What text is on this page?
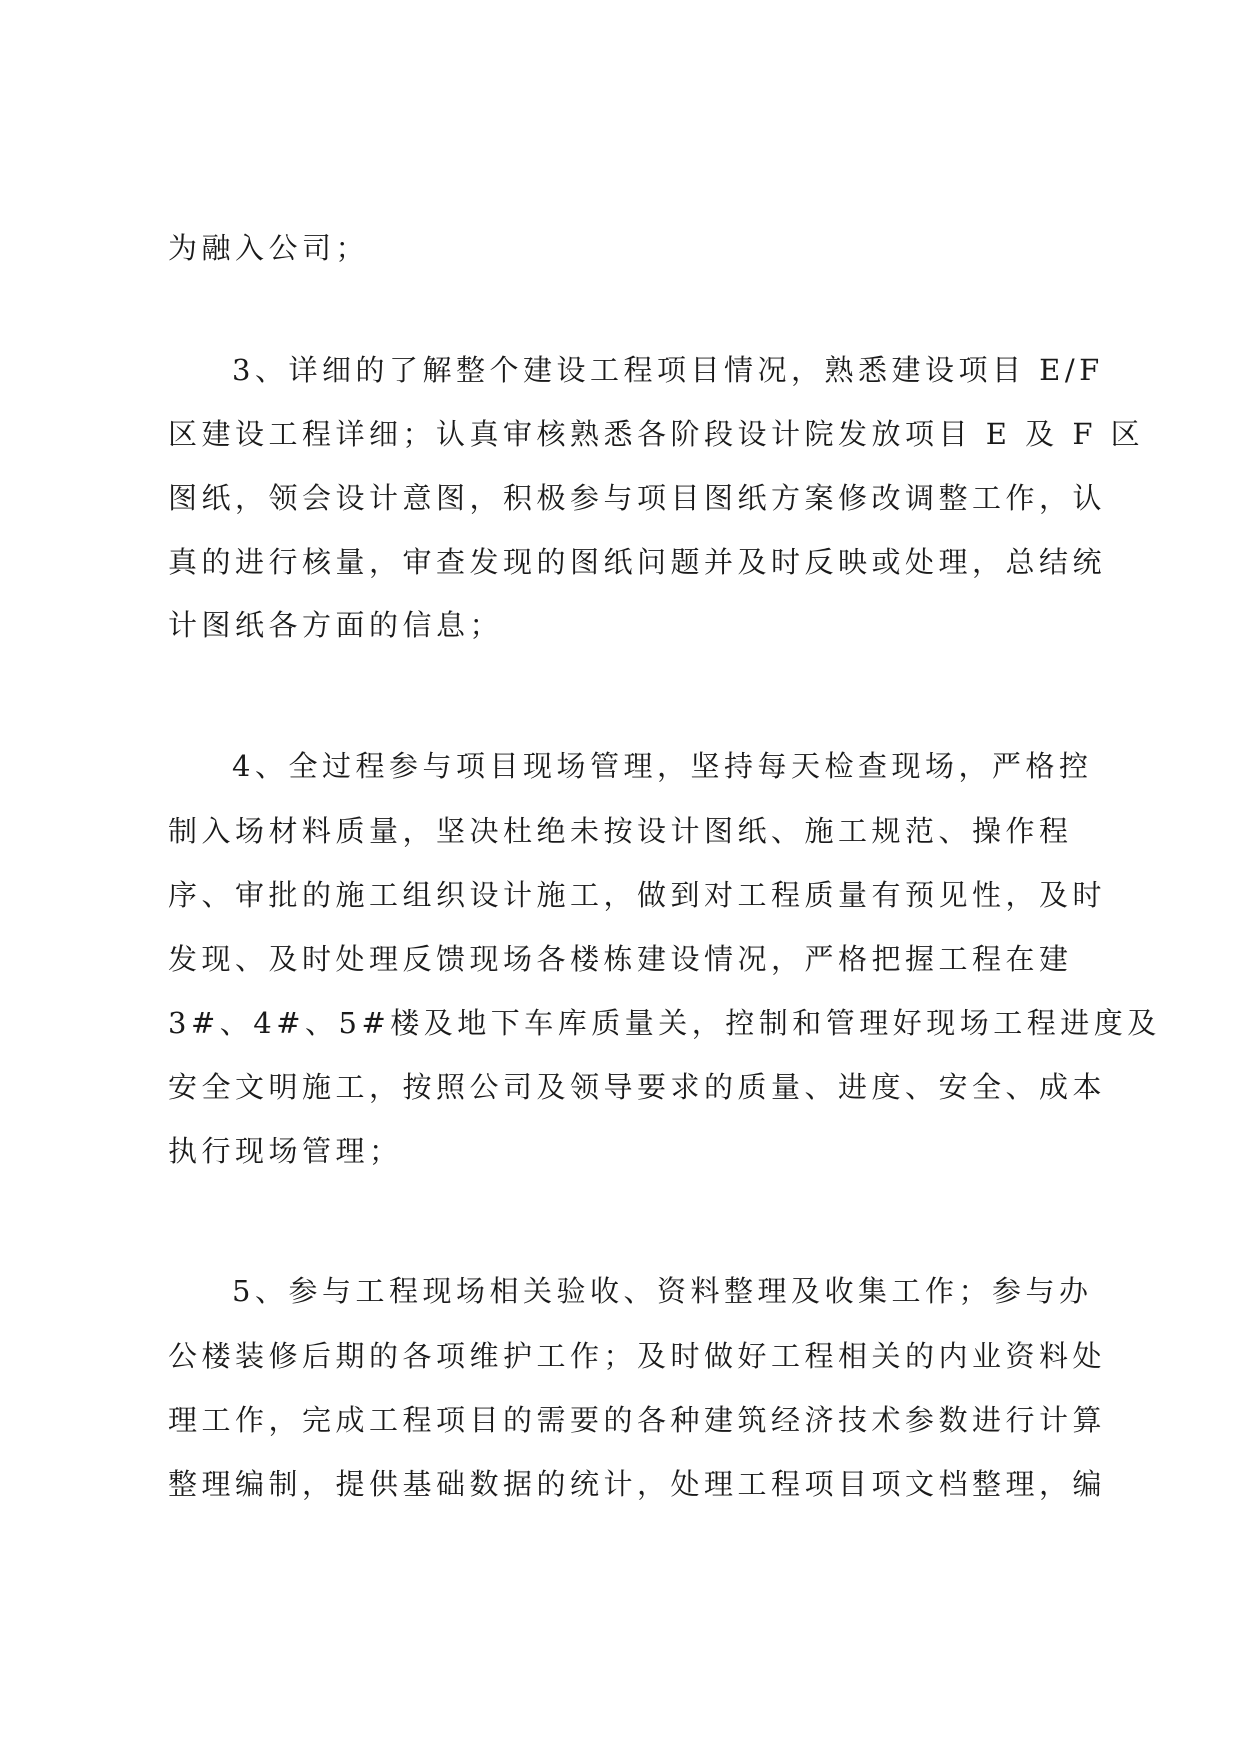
为融入公司；
3、详细的了解整个建设工程项目情况，熟悉建设项目 E/F
区建设工程详细；认真审核熟悉各阶段设计院发放项目 E 及 F 区
图纸，领会设计意图，积极参与项目图纸方案修改调整工作，认
真的进行核量，审查发现的图纸问题并及时反映或处理，总结统
计图纸各方面的信息；
4、全过程参与项目现场管理，坚持每天检查现场，严格控
制入场材料质量，坚决杜绝未按设计图纸、施工规范、操作程
序、审批的施工组织设计施工，做到对工程质量有预见性，及时
发现、及时处理反馈现场各楼栋建设情况，严格把握工程在建
3#、4#、5#楼及地下车库质量关，控制和管理好现场工程进度及
安全文明施工，按照公司及领导要求的质量、进度、安全、成本
执行现场管理；
5、参与工程现场相关验收、资料整理及收集工作；参与办
公楼装修后期的各项维护工作；及时做好工程相关的内业资料处
理工作，完成工程项目的需要的各种建筑经济技术参数进行计算
整理编制，提供基础数据的统计，处理工程项目项文档整理，编
